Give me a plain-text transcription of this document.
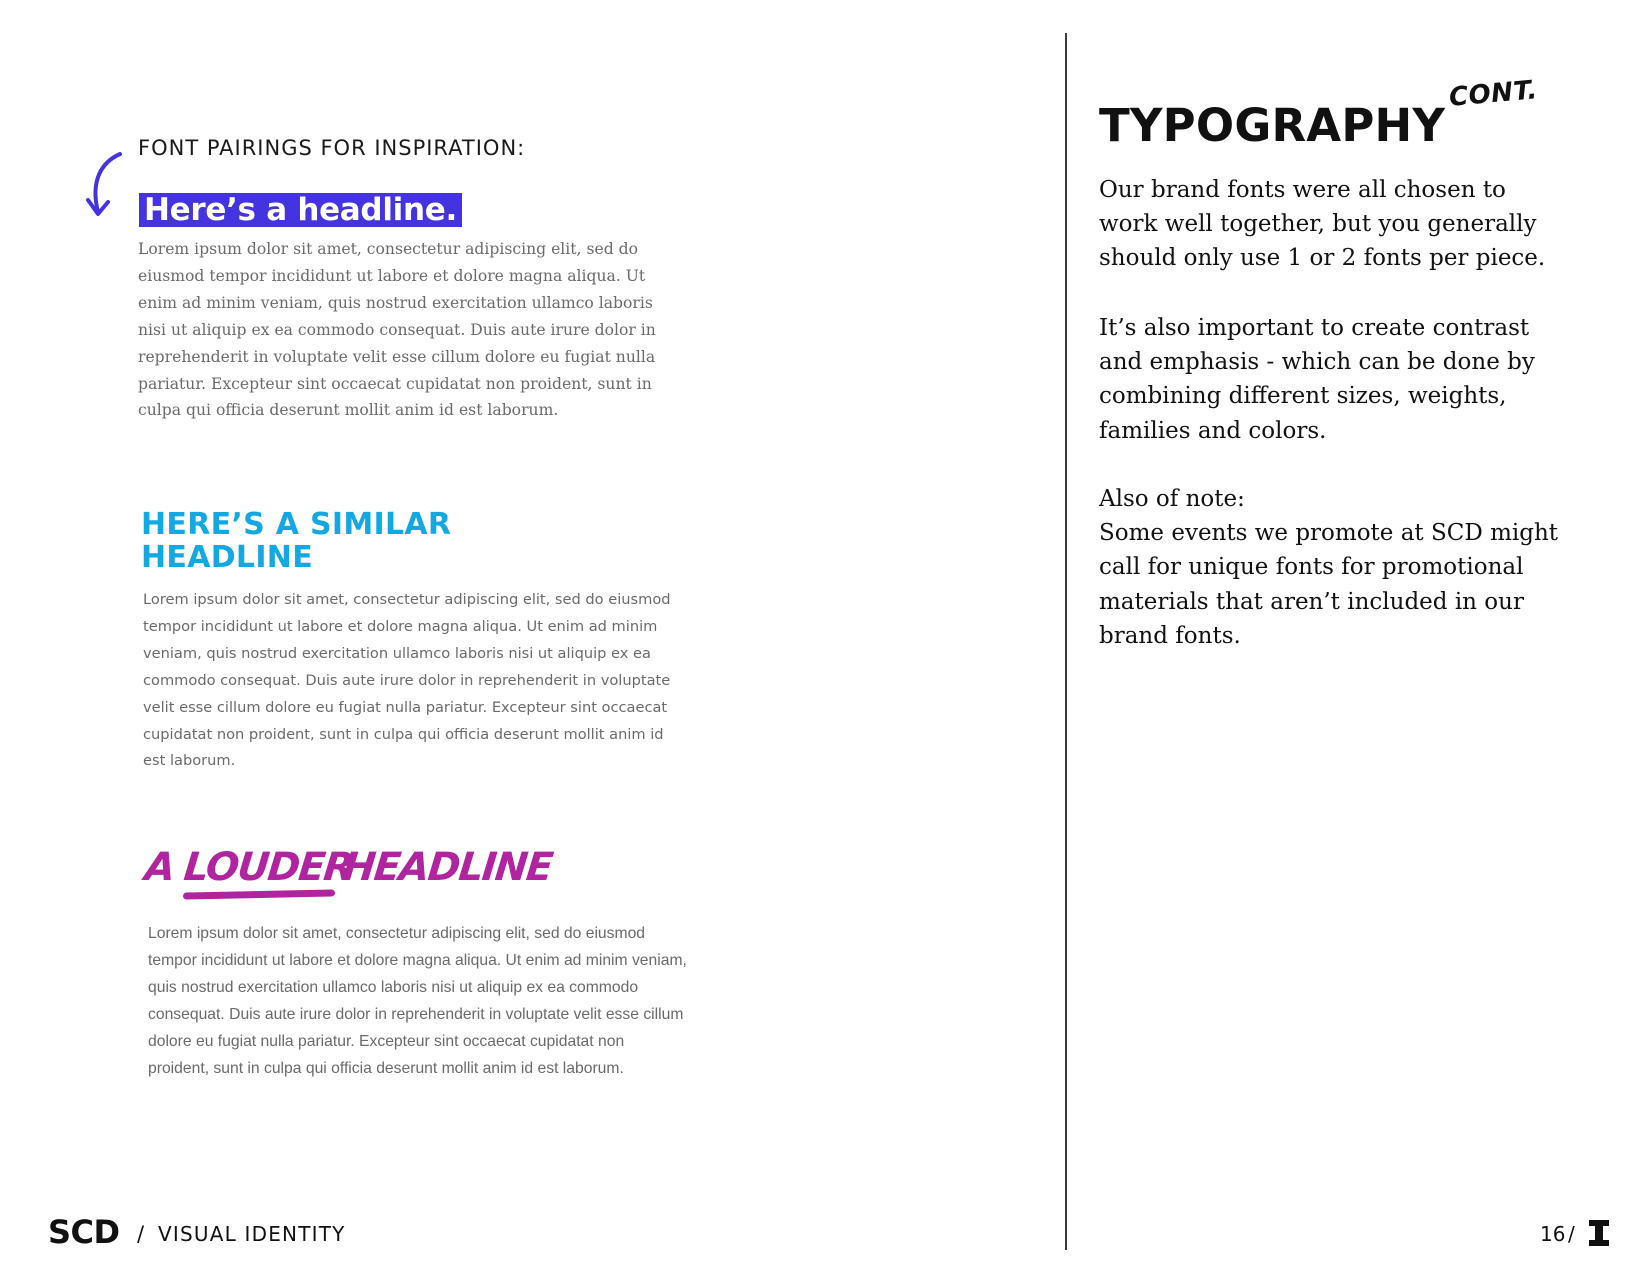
FONT PAIRINGS FOR INSPIRATION:
Here’s a headline.
Lorem ipsum dolor sit amet, consectetur adipiscing elit, sed do eiusmod tempor incididunt ut labore et dolore magna aliqua. Ut enim ad minim veniam, quis nostrud exercitation ullamco laboris nisi ut aliquip ex ea commodo consequat. Duis aute irure dolor in reprehenderit in voluptate velit esse cillum dolore eu fugiat nulla pariatur. Excepteur sint occaecat cupidatat non proident, sunt in culpa qui officia deserunt mollit anim id est laborum.
HERE’S A SIMILAR
HEADLINE
Lorem ipsum dolor sit amet, consectetur adipiscing elit, sed do eiusmod tempor incididunt ut labore et dolore magna aliqua. Ut enim ad minim veniam, quis nostrud exercitation ullamco laboris nisi ut aliquip ex ea commodo consequat. Duis aute irure dolor in reprehenderit in voluptate velit esse cillum dolore eu fugiat nulla pariatur. Excepteur sint occaecat cupidatat non proident, sunt in culpa qui officia deserunt mollit anim id est laborum.
A LOUDER
HEADLINE
Lorem ipsum dolor sit amet, consectetur adipiscing elit, sed do eiusmod tempor incididunt ut labore et dolore magna aliqua. Ut enim ad minim veniam, quis nostrud exercitation ullamco laboris nisi ut aliquip ex ea commodo consequat. Duis aute irure dolor in reprehenderit in voluptate velit esse cillum dolore eu fugiat nulla pariatur. Excepteur sint occaecat cupidatat non proident, sunt in culpa qui officia deserunt mollit anim id est laborum.
TYPOGRAPHY
CONT.
Our brand fonts were all chosen to work well together, but you generally should only use 1 or 2 fonts per piece.
It’s also important to create contrast and emphasis - which can be done by combining different sizes, weights, families and colors.
Also of note:
Some events we promote at SCD might call for unique fonts for promotional materials that aren’t included in our brand fonts.
SCD / VISUAL IDENTITY	16 /
